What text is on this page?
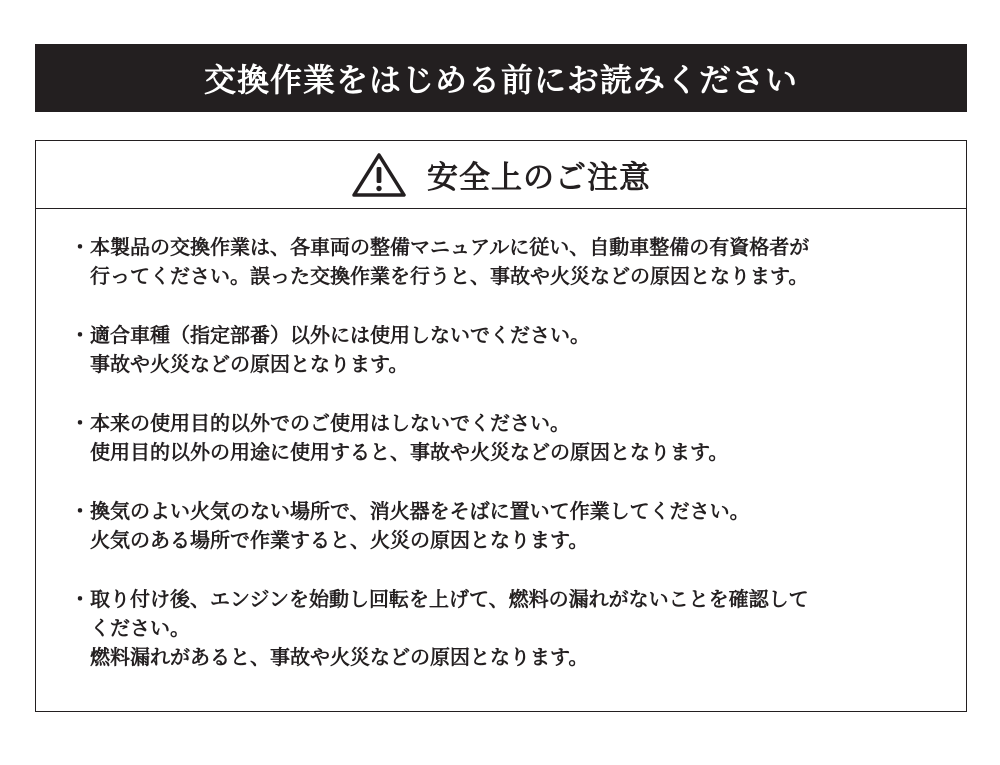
交換作業をはじめる前にお読みください
安全上のご注意
・ 本製品の交換作業は、各車両の整備マニュアルに従い、自動車整備の有資格者が
行ってください。誤った交換作業を行うと、事故や火災などの原因となります。
・ 適合車種（指定部番）以外には使用しないでください。
事故や火災などの原因となります。
・ 本来の使用目的以外でのご使用はしないでください。
使用目的以外の用途に使用すると、事故や火災などの原因となります。
・ 換気のよい火気のない場所で、消火器をそばに置いて作業してください。
火気のある場所で作業すると、火災の原因となります。
・ 取り付け後、エンジンを始動し回転を上げて、燃料の漏れがないことを確認して
ください。
燃料漏れがあると、事故や火災などの原因となります。
